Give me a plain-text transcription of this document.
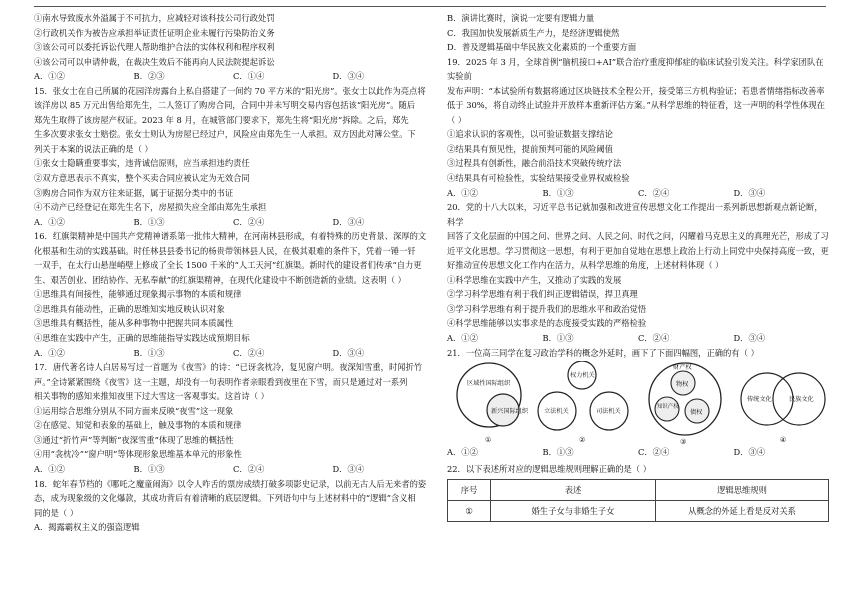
①南水导致废水外溢属于不可抗力，应减轻对该科技公司行政处罚

②行政机关作为被告应承担举证责任证明企业未履行污染防治义务

③该公司可以委托诉讼代理人帮助维护合法的实体权利和程序权利

④该公司可以申请仲裁，在裁决生效后不能再向人民法院提起诉讼

A．①②	B．②③	C．①④	D．③④

15．张女士在自己所属的花园洋房露台上私自搭建了一间约 70 平方米的“阳光房”。张女士以此作为亮点将

该洋房以 85 万元出售给郑先生，二人签订了购房合同，合同中并未写明交易内容包括该“阳光房”。随后

郑先生取得了该房屋产权证。2023 年 8 月，在城管部门要求下，郑先生将“阳光房”拆除。之后，郑先

生多次要求张女士赔偿。张女士则认为房屋已经过户，风险应由郑先生一人承担。双方因此对簿公堂。下

列关于本案的说法正确的是（ ）

①张女士隐瞒重要事实，违背诚信原则，应当承担违约责任

②双方意思表示不真实，整个买卖合同应被认定为无效合同

③购房合同作为双方往来证据，属于证据分类中的书证

④不动产已经登记在郑先生名下，房屋损失应全部由郑先生承担

A．①②	B．①③	C．②④	D．③④

16．红旗渠精神是中国共产党精神谱系第一批伟大精神，在河南林县形成，有着特殊的历史背景、深厚的文

化根基和生动的实践基础。时任林县县委书记的杨贵带领林县人民，在极其艰难的条件下，凭着一锤一钎

一双手，在太行山悬崖峭壁上修成了全长 1500 千米的“人工天河”红旗渠。新时代的建设者们传承“自力更

生、艰苦创业、团结协作、无私奉献”的红旗渠精神，在现代化建设中不断创造新的业绩。这表明（ ）

①思维具有间接性，能够通过现象揭示事物的本质和规律

②思维具有能动性，正确的思维知实地反映认识对象

③思维具有概括性，能从多种事物中把握共同本质属性

④思维在实践中产生，正确的思维能指导实践达成预期目标

A．①②	B．①③	C．②④	D．③④

17．唐代著名诗人白居易写过一首题为《夜雪》的诗：“已讶衾枕冷，复见窗户明。夜深知雪重，时闻折竹

声。”全诗紧紧围绕《夜雪》这一主题，却没有一句表明作者亲眼看到夜里在下雪，而只是通过对一系列

相关事物的感知来推知夜里下过大雪这一客观事实。这首诗（ ）

①运用综合思维分别从不同方面来反映“夜雪”这一现象

②在感觉、知觉和表象的基础上，触及事物的本质和规律

③通过“折竹声”等判断“夜深雪重”体现了思维的概括性

④用“衾枕冷”“窗户明”等体现形象思维基本单元的形象性

A．①②	B．①③	C．②④	D．③④

18．蛇年春节档的《哪吒之魔童闹海》以令人咋舌的票房成绩打破多项影史记录，以前无古人后无来者的姿

态，成为现象级的文化爆款，其成功背后有着清晰的底层逻辑。下列语句中与上述材料中的“逻辑”含义相

同的是（ ）

A．揭露霸权主义的强盗逻辑

B．演讲比赛时，演说一定要有逻辑力量

C．我国加快发展新质生产力，是经济逻辑使然

D．普及逻辑基础中华民族文化素质的一个重要方面

19．2025 年 3 月，全球首例“脑机接口+AI”联合治疗重度抑郁症的临床试验引发关注。科学家团队在实验前

发布声明：“本试验所有数据将通过区块链技术全程公开，接受第三方机构验证；若患者情绪指标改善率

低于 30%，将自动终止试验并开放样本重新评估方案。”从科学思维的特征看，这一声明的科学性体现在（ ）

①追求认识的客观性，以可验证数据支撑结论

②结果具有预见性，提前预判可能的风险阈值

③过程具有创新性，融合前沿技术突破传统疗法

④结果具有可检验性，实验结果接受业界权威检验

A．①②	B．①③	C．②④	D．③④

20．党的十八大以来，习近平总书记就加强和改进宣传思想文化工作提出一系列新思想新观点新论断，科学

回答了文化层面的中国之问、世界之问、人民之问、时代之问，闪耀着马克思主义的真理光芒，形成了习

近平文化思想。学习贯彻这一思想，有利于更加自觉地在思想上政治上行动上同党中央保持高度一致，更

好推动宣传思想文化工作内在活力，从科学思维的角度，上述材料体现（ ）

①科学思维在实践中产生，又推动了实践的发展

②学习科学思维有利于我们纠正逻辑错误，捍卫真理

③学习科学思维有利于提升我们的思维水平和政治觉悟

④科学思维能够以实事求是的态度接受实践的严格检验

A．①②	B．①③	C．②④	D．③④

21．一位高三同学在复习政治学科的概念外延时，画下了下面四幅图，正确的有（ ）

区域性国际组织
新兴国际组织
①
权力机关
立法机关	司法机关
②
财产权
物权
知识产权
债权
③
传统文化	民族文化
④
A．①②	B．①③	C．②④	D．③④

22．以下表述所对应的逻辑思维规则理解正确的是（ ）

序号	表述	逻辑思维规则
①	婚生子女与非婚生子女	从概念的外延上看是反对关系
